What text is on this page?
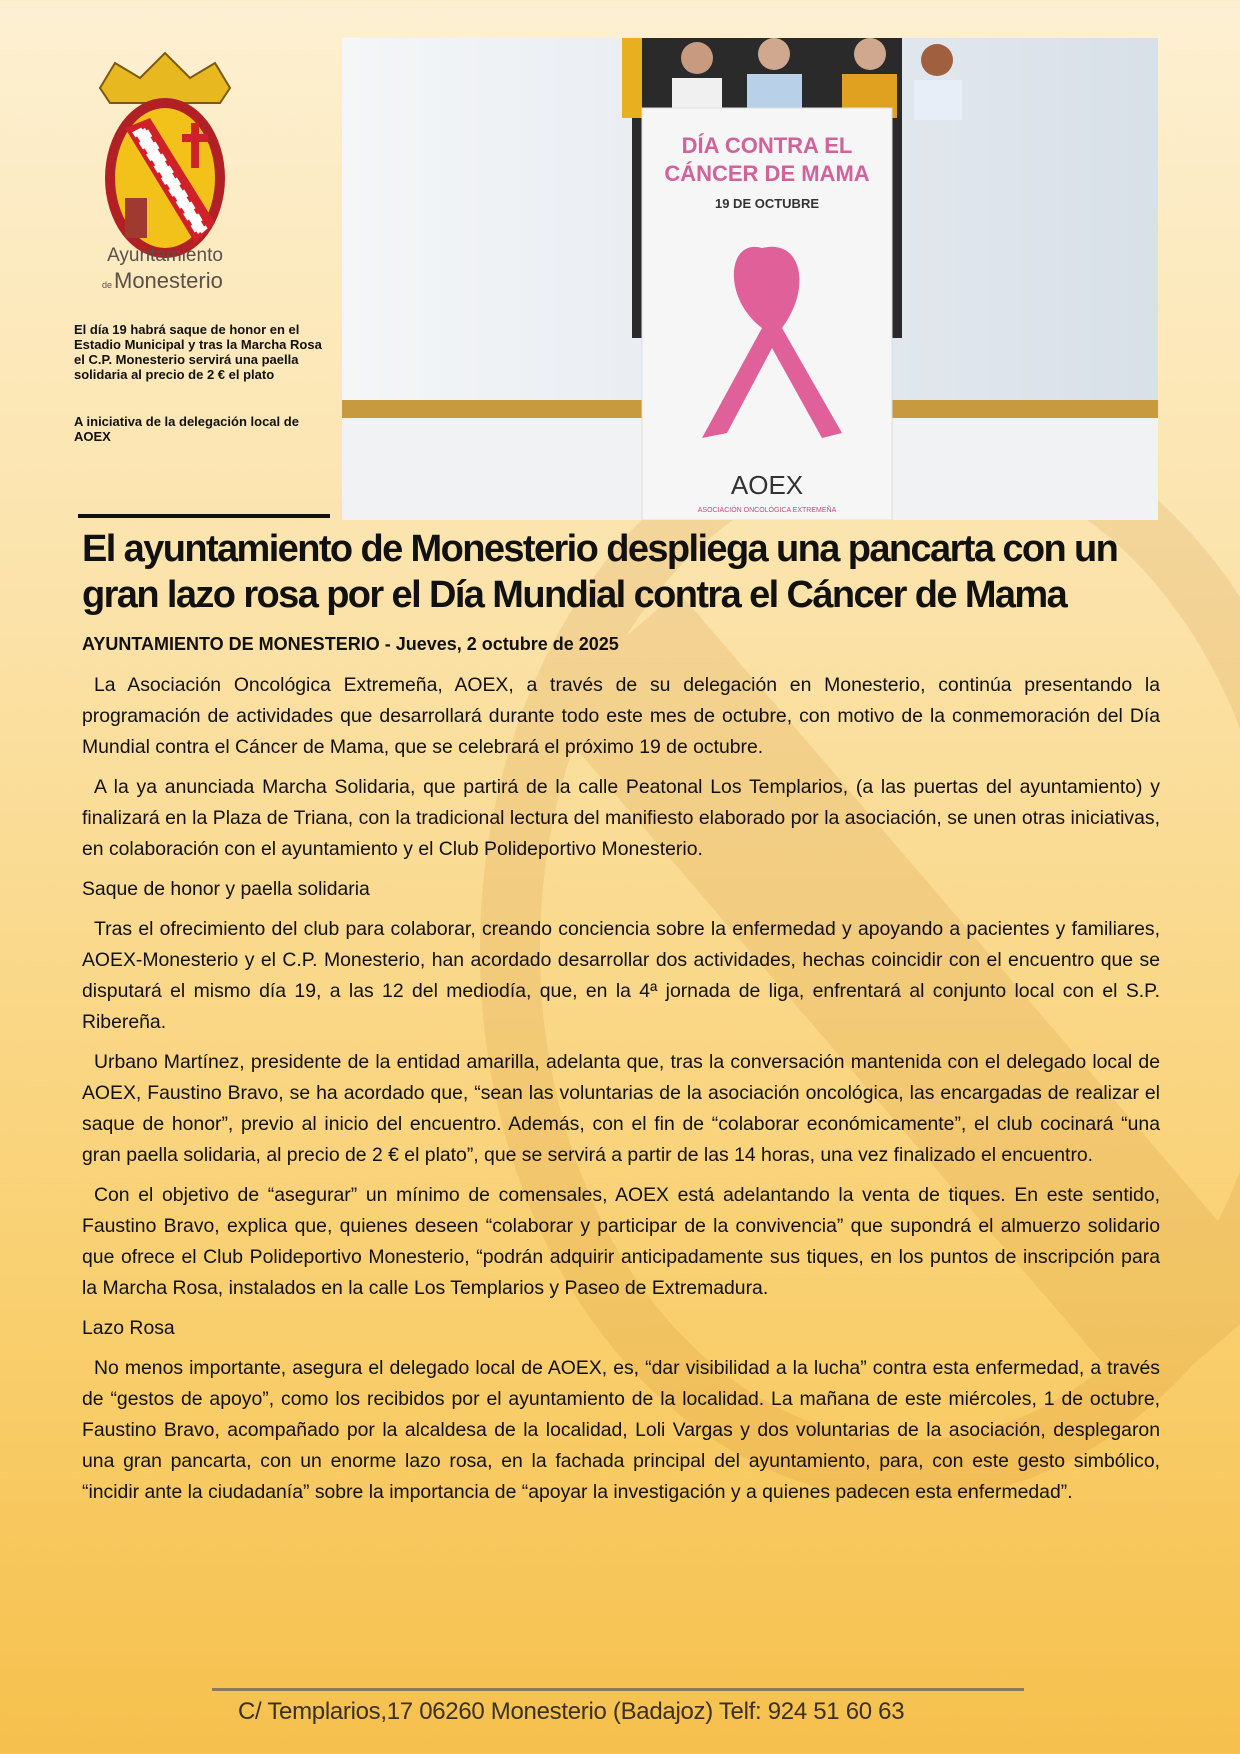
Ayuntamiento
de Monesterio

El día 19 habrá saque de honor en el Estadio Municipal y tras la Marcha Rosa el C.P. Monesterio servirá una paella solidaria al precio de 2 € el plato

A iniciativa de la delegación local de AOEX

DÍA CONTRA EL
CÁNCER DE MAMA
19 DE OCTUBRE
AOEX
ASOCIACIÓN ONCOLÓGICA EXTREMEÑA
El ayuntamiento de Monesterio despliega una pancarta con un gran lazo rosa por el Día Mundial contra el Cáncer de Mama
AYUNTAMIENTO DE MONESTERIO - Jueves, 2 octubre de 2025

La Asociación Oncológica Extremeña, AOEX, a través de su delegación en Monesterio, continúa presentando la programación de actividades que desarrollará durante todo este mes de octubre, con motivo de la conmemoración del Día Mundial contra el Cáncer de Mama, que se celebrará el próximo 19 de octubre.

A la ya anunciada Marcha Solidaria, que partirá de la calle Peatonal Los Templarios, (a las puertas del ayuntamiento) y finalizará en la Plaza de Triana, con la tradicional lectura del manifiesto elaborado por la asociación, se unen otras iniciativas, en colaboración con el ayuntamiento y el Club Polideportivo Monesterio.

Saque de honor y paella solidaria

Tras el ofrecimiento del club para colaborar, creando conciencia sobre la enfermedad y apoyando a pacientes y familiares, AOEX-Monesterio y el C.P. Monesterio, han acordado desarrollar dos actividades, hechas coincidir con el encuentro que se disputará el mismo día 19, a las 12 del mediodía, que, en la 4ª jornada de liga, enfrentará al conjunto local con el S.P. Ribereña.

Urbano Martínez, presidente de la entidad amarilla, adelanta que, tras la conversación mantenida con el delegado local de AOEX, Faustino Bravo, se ha acordado que, “sean las voluntarias de la asociación oncológica, las encargadas de realizar el saque de honor”, previo al inicio del encuentro. Además, con el fin de “colaborar económicamente”, el club cocinará “una gran paella solidaria, al precio de 2 € el plato”, que se servirá a partir de las 14 horas, una vez finalizado el encuentro.

Con el objetivo de “asegurar” un mínimo de comensales, AOEX está adelantando la venta de tiques. En este sentido, Faustino Bravo, explica que, quienes deseen “colaborar y participar de la convivencia” que supondrá el almuerzo solidario que ofrece el Club Polideportivo Monesterio, “podrán adquirir anticipadamente sus tiques, en los puntos de inscripción para la Marcha Rosa, instalados en la calle Los Templarios y Paseo de Extremadura.

Lazo Rosa

No menos importante, asegura el delegado local de AOEX, es, “dar visibilidad a la lucha” contra esta enfermedad, a través de “gestos de apoyo”, como los recibidos por el ayuntamiento de la localidad. La mañana de este miércoles, 1 de octubre, Faustino Bravo, acompañado por la alcaldesa de la localidad, Loli Vargas y dos voluntarias de la asociación, desplegaron una gran pancarta, con un enorme lazo rosa, en la fachada principal del ayuntamiento, para, con este gesto simbólico, “incidir ante la ciudadanía” sobre la importancia de “apoyar la investigación y a quienes padecen esta enfermedad”.

C/ Templarios,17 06260 Monesterio (Badajoz) Telf: 924 51 60 63
